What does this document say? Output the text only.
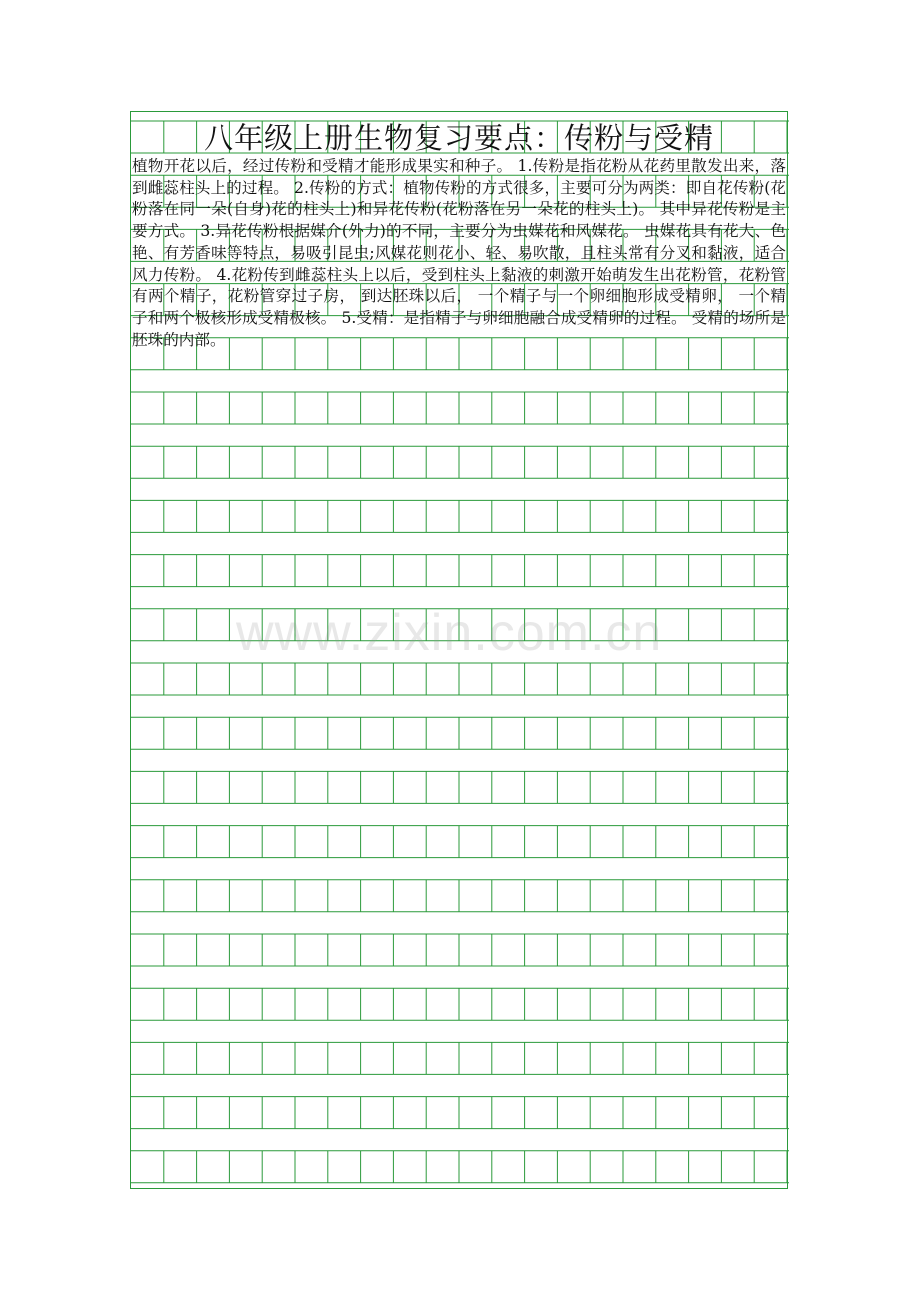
八年级上册生物复习要点：传粉与受精

植物开花以后，经过传粉和受精才能形成果实和种子。 1.传粉是指花粉从花药里散发出来，落到雌蕊柱头上的过程。 2.传粉的方式：植物传粉的方式很多，主要可分为两类：即自花传粉(花粉落在同一朵(自身)花的柱头上)和异花传粉(花粉落在另一朵花的柱头上)。 其中异花传粉是主要方式。 3.异花传粉根据媒介(外力)的不同，主要分为虫媒花和风媒花。 虫媒花具有花大、色艳、有芳香味等特点，易吸引昆虫;风媒花则花小、轻、易吹散，且柱头常有分叉和黏液，适合风力传粉。 4.花粉传到雌蕊柱头上以后，受到柱头上黏液的刺激开始萌发生出花粉管，花粉管有两个精子，花粉管穿过子房， 到达胚珠以后， 一个精子与一个卵细胞形成受精卵， 一个精子和两个极核形成受精极核。 5.受精：是指精子与卵细胞融合成受精卵的过程。 受精的场所是胚珠的内部。

www.zixin.com.cn
